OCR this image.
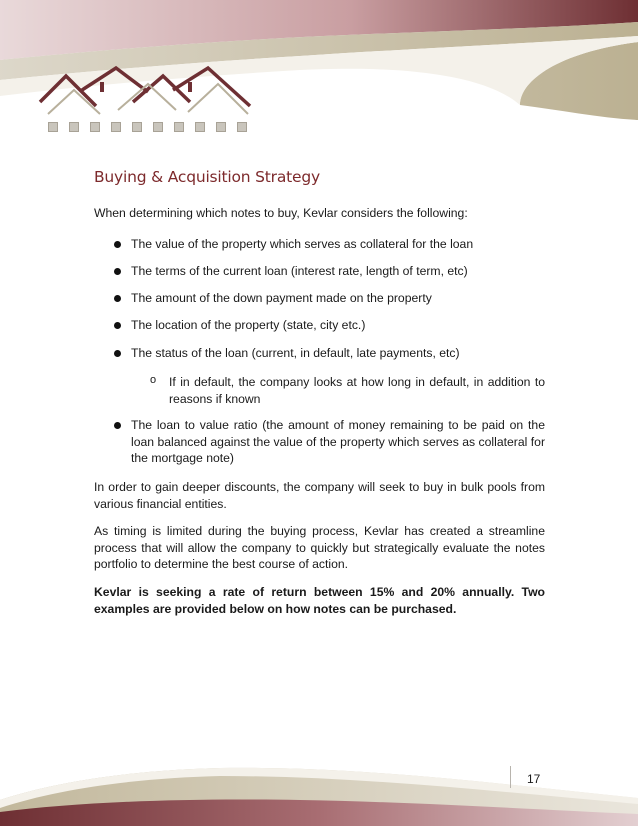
Buying & Acquisition Strategy
When determining which notes to buy, Kevlar considers the following:
The value of the property which serves as collateral for the loan
The terms of the current loan (interest rate, length of term, etc)
The amount of the down payment made on the property
The location of the property (state, city etc.)
The status of the loan (current, in default, late payments, etc)
o If in default, the company looks at how long in default, in addition to reasons if known
The loan to value ratio (the amount of money remaining to be paid on the loan balanced against the value of the property which serves as collateral for the mortgage note)
In order to gain deeper discounts, the company will seek to buy in bulk pools from various financial entities.
As timing is limited during the buying process, Kevlar has created a streamline process that will allow the company to quickly but strategically evaluate the notes portfolio to determine the best course of action.
Kevlar is seeking a rate of return between 15% and 20% annually. Two examples are provided below on how notes can be purchased.
17
